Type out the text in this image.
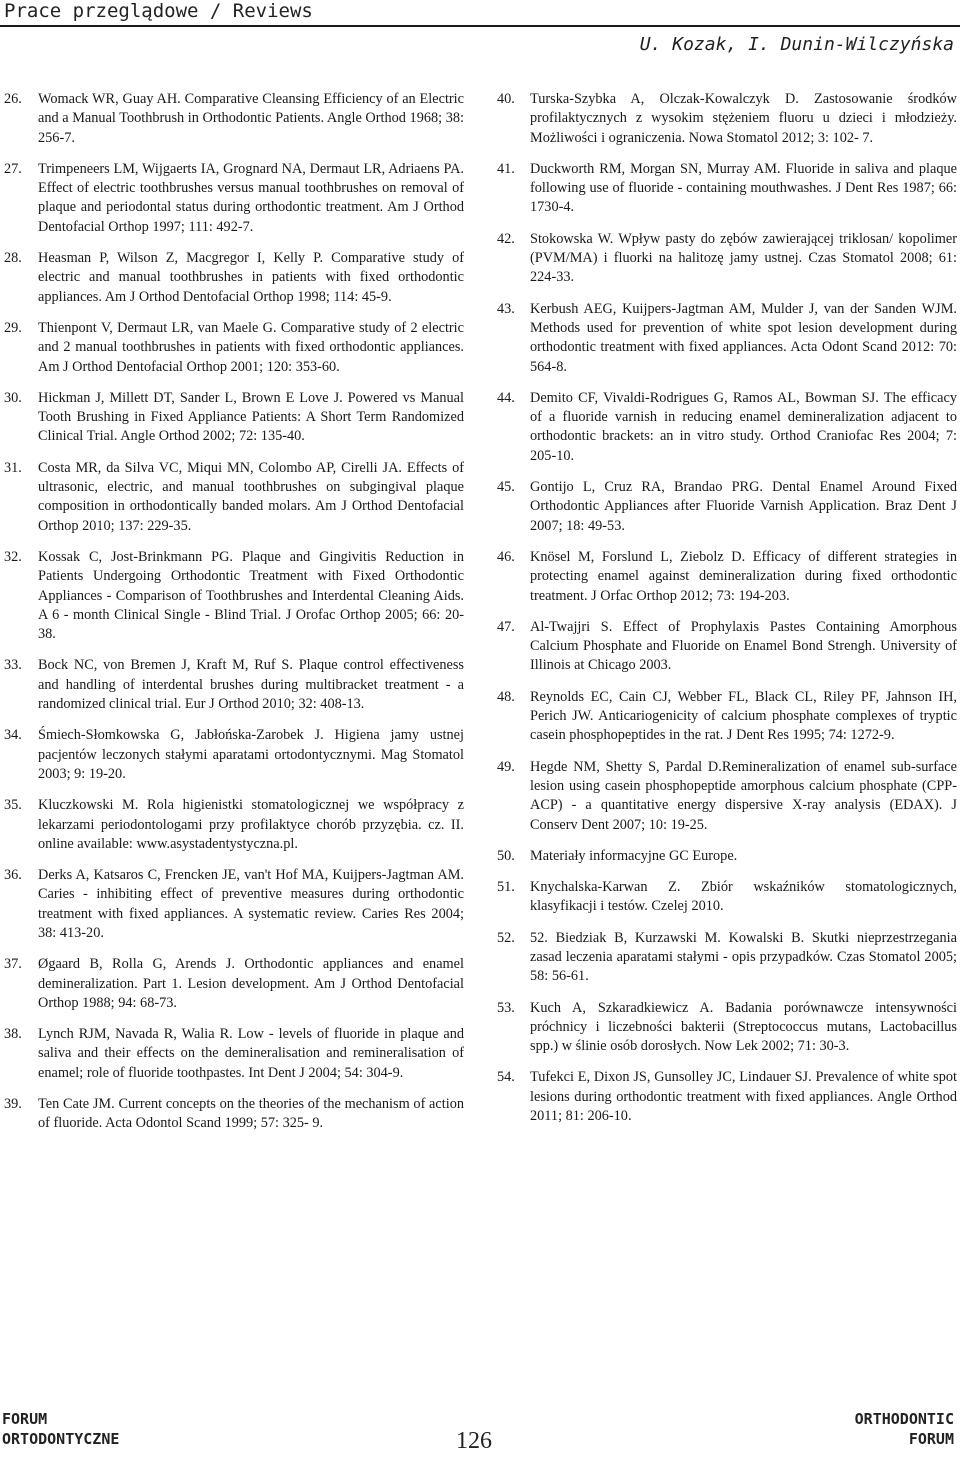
Prace przeglądowe / Reviews
U. Kozak, I. Dunin-Wilczyńska
26.	Womack WR, Guay AH. Comparative Cleansing Efficiency of an Electric and a Manual Toothbrush in Orthodontic Patients. Angle Orthod 1968; 38: 256-7.
27.	Trimpeneers LM, Wijgaerts IA, Grognard NA, Dermaut LR, Adriaens PA. Effect of electric toothbrushes versus manual toothbrushes on removal of plaque and periodontal status during orthodontic treatment. Am J Orthod Dentofacial Orthop 1997; 111: 492-7.
28.	Heasman P, Wilson Z, Macgregor I, Kelly P. Comparative study of electric and manual toothbrushes in patients with fixed orthodontic appliances. Am J Orthod Dentofacial Orthop 1998; 114: 45-9.
29.	Thienpont V, Dermaut LR, van Maele G. Comparative study of 2 electric and 2 manual toothbrushes in patients with fixed orthodontic appliances. Am J Orthod Dentofacial Orthop 2001; 120: 353-60.
30.	Hickman J, Millett DT, Sander L, Brown E Love J. Powered vs Manual Tooth Brushing in Fixed Appliance Patients: A Short Term Randomized Clinical Trial. Angle Orthod 2002; 72: 135-40.
31.	Costa MR, da Silva VC, Miqui MN, Colombo AP, Cirelli JA. Effects of ultrasonic, electric, and manual toothbrushes on subgingival plaque composition in orthodontically banded molars. Am J Orthod Dentofacial Orthop 2010; 137: 229-35.
32.	Kossak C, Jost-Brinkmann PG. Plaque and Gingivitis Reduction in Patients Undergoing Orthodontic Treatment with Fixed Orthodontic Appliances - Comparison of Toothbrushes and Interdental Cleaning Aids. A 6 - month Clinical Single - Blind Trial. J Orofac Orthop 2005; 66: 20-38.
33.	Bock NC, von Bremen J, Kraft M, Ruf S. Plaque control effectiveness and handling of interdental brushes during multibracket treatment - a randomized clinical trial. Eur J Orthod 2010; 32: 408-13.
34.	Śmiech-Słomkowska G, Jabłońska-Zarobek J. Higiena jamy ustnej pacjentów leczonych stałymi aparatami ortodontycznymi. Mag Stomatol 2003; 9: 19-20.
35.	Kluczkowski M. Rola higienistki stomatologicznej we współpracy z lekarzami periodontologami przy profilaktyce chorób przyzębia. cz. II. online available: www.asystadentystyczna.pl.
36.	Derks A, Katsaros C, Frencken JE, van't Hof MA, Kuijpers-Jagtman AM. Caries - inhibiting effect of preventive measures during orthodontic treatment with fixed appliances. A systematic review. Caries Res 2004; 38: 413-20.
37.	Øgaard B, Rolla G, Arends J. Orthodontic appliances and enamel demineralization. Part 1. Lesion development. Am J Orthod Dentofacial Orthop 1988; 94: 68-73.
38.	Lynch RJM, Navada R, Walia R. Low - levels of fluoride in plaque and saliva and their effects on the demineralisation and remineralisation of enamel; role of fluoride toothpastes. Int Dent J 2004; 54: 304-9.
39.	Ten Cate JM. Current concepts on the theories of the mechanism of action of fluoride. Acta Odontol Scand 1999; 57: 325- 9.
40.	Turska-Szybka A, Olczak-Kowalczyk D. Zastosowanie środków profilaktycznych z wysokim stężeniem fluoru u dzieci i młodzieży. Możliwości i ograniczenia. Nowa Stomatol 2012; 3: 102- 7.
41.	Duckworth RM, Morgan SN, Murray AM. Fluoride in saliva and plaque following use of fluoride - containing mouthwashes. J Dent Res 1987; 66: 1730-4.
42.	Stokowska W. Wpływ pasty do zębów zawierającej triklosan/ kopolimer (PVM/MA) i fluorki na halitozę jamy ustnej. Czas Stomatol 2008; 61: 224-33.
43.	Kerbush AEG, Kuijpers-Jagtman AM, Mulder J, van der Sanden WJM. Methods used for prevention of white spot lesion development during orthodontic treatment with fixed appliances. Acta Odont Scand 2012: 70: 564-8.
44.	Demito CF, Vivaldi-Rodrigues G, Ramos AL, Bowman SJ. The efficacy of a fluoride varnish in reducing enamel demineralization adjacent to orthodontic brackets: an in vitro study. Orthod Craniofac Res 2004; 7: 205-10.
45.	Gontijo L, Cruz RA, Brandao PRG. Dental Enamel Around Fixed Orthodontic Appliances after Fluoride Varnish Application. Braz Dent J 2007; 18: 49-53.
46.	Knösel M, Forslund L, Ziebolz D. Efficacy of different strategies in protecting enamel against demineralization during fixed orthodontic treatment. J Orfac Orthop 2012; 73: 194-203.
47.	Al-Twajjri S. Effect of Prophylaxis Pastes Containing Amorphous Calcium Phosphate and Fluoride on Enamel Bond Strengh. University of Illinois at Chicago 2003.
48.	Reynolds EC, Cain CJ, Webber FL, Black CL, Riley PF, Jahnson IH, Perich JW. Anticariogenicity of calcium phosphate complexes of tryptic casein phosphopeptides in the rat. J Dent Res 1995; 74: 1272-9.
49.	Hegde NM, Shetty S, Pardal D.Remineralization of enamel sub-surface lesion using casein phosphopeptide amorphous calcium phosphate (CPP-ACP) - a quantitative energy dispersive X-ray analysis (EDAX). J Conserv Dent 2007; 10: 19-25.
50.	Materiały informacyjne GC Europe.
51.	Knychalska-Karwan Z. Zbiór wskaźników stomatologicznych, klasyfikacji i testów. Czelej 2010.
52.	52. Biedziak B, Kurzawski M. Kowalski B. Skutki nieprzestrzegania zasad leczenia aparatami stałymi - opis przypadków. Czas Stomatol 2005; 58: 56-61.
53.	Kuch A, Szkaradkiewicz A. Badania porównawcze intensywności próchnicy i liczebności bakterii (Streptococcus mutans, Lactobacillus spp.) w ślinie osób dorosłych. Now Lek 2002; 71: 30-3.
54.	Tufekci E, Dixon JS, Gunsolley JC, Lindauer SJ. Prevalence of white spot lesions during orthodontic treatment with fixed appliances. Angle Orthod 2011; 81: 206-10.
FORUM
ORTODONTYCZNE	126
ORTHODONTIC
FORUM
